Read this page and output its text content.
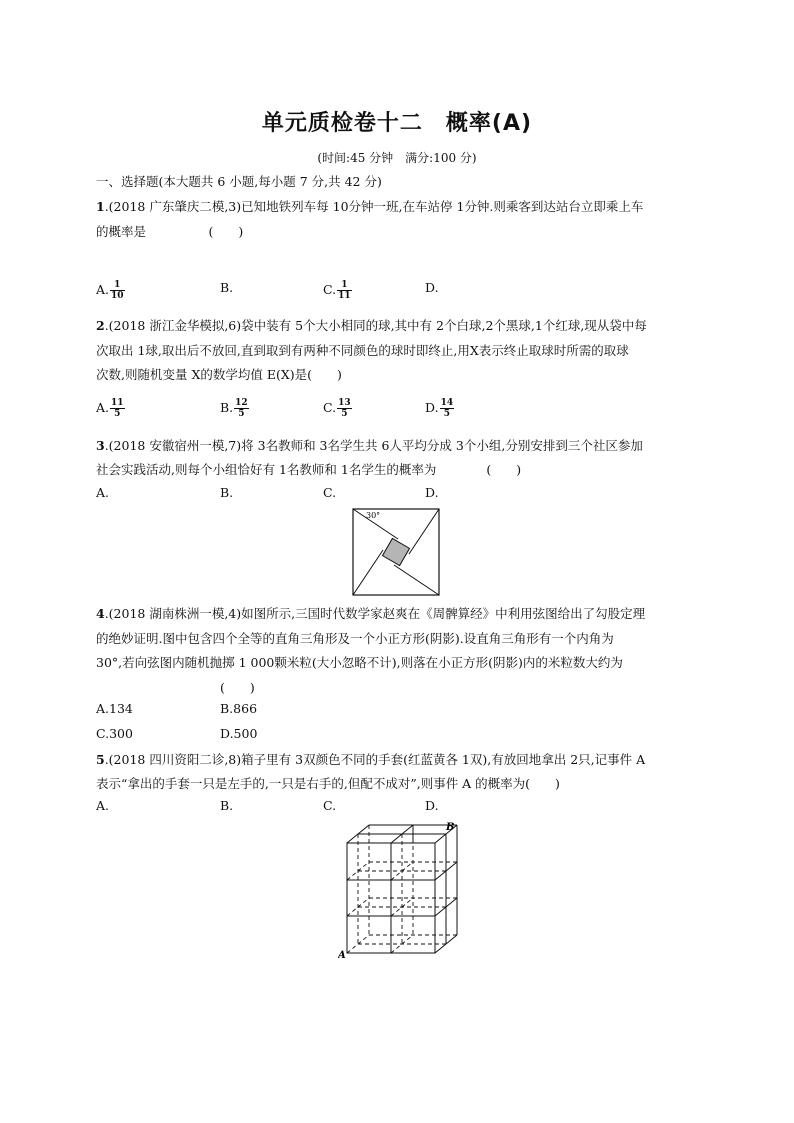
单元质检卷十二　概率(A)
(时间:45 分钟　满分:100 分)
一、选择题(本大题共 6 小题,每小题 7 分,共 42 分)
1.(2018 广东肇庆二模,3)已知地铁列车每 10分钟一班,在车站停 1分钟.则乘客到达站台立即乘上车
的概率是　　　　　(　　)
A. $\frac{1}{10}$	B.	C. $\frac{1}{11}$	D.
2.(2018 浙江金华模拟,6)袋中装有 5个大小相同的球,其中有 2个白球,2个黑球,1个红球,现从袋中每
次取出 1球,取出后不放回,直到取到有两种不同颜色的球时即终止,用X表示终止取球时所需的取球
次数,则随机变量 X的数学均值 E(X)是(　　)
A. $\frac{11}{5}$	B. $\frac{12}{5}$	C. $\frac{13}{5}$	D. $\frac{14}{5}$
3.(2018 安徽宿州一模,7)将 3名教师和 3名学生共 6人平均分成 3个小组,分别安排到三个社区参加
社会实践活动,则每个小组恰好有 1名教师和 1名学生的概率为　　　　(　　)
A.	B.	C.	D.
30°
4.(2018 湖南株洲一模,4)如图所示,三国时代数学家赵爽在《周髀算经》中利用弦图给出了勾股定理
的绝妙证明.图中包含四个全等的直角三角形及一个小正方形(阴影).设直角三角形有一个内角为
30°,若向弦图内随机抛掷 1 000颗米粒(大小忽略不计),则落在小正方形(阴影)内的米粒数大约为
(　　)
A.134	B.866
C.300	D.500
5.(2018 四川资阳二诊,8)箱子里有 3双颜色不同的手套(红蓝黄各 1双),有放回地拿出 2只,记事件 A
表示“拿出的手套一只是左手的,一只是右手的,但配不成对”,则事件 A 的概率为(　　)
A.	B.	C.	D.
A
B
